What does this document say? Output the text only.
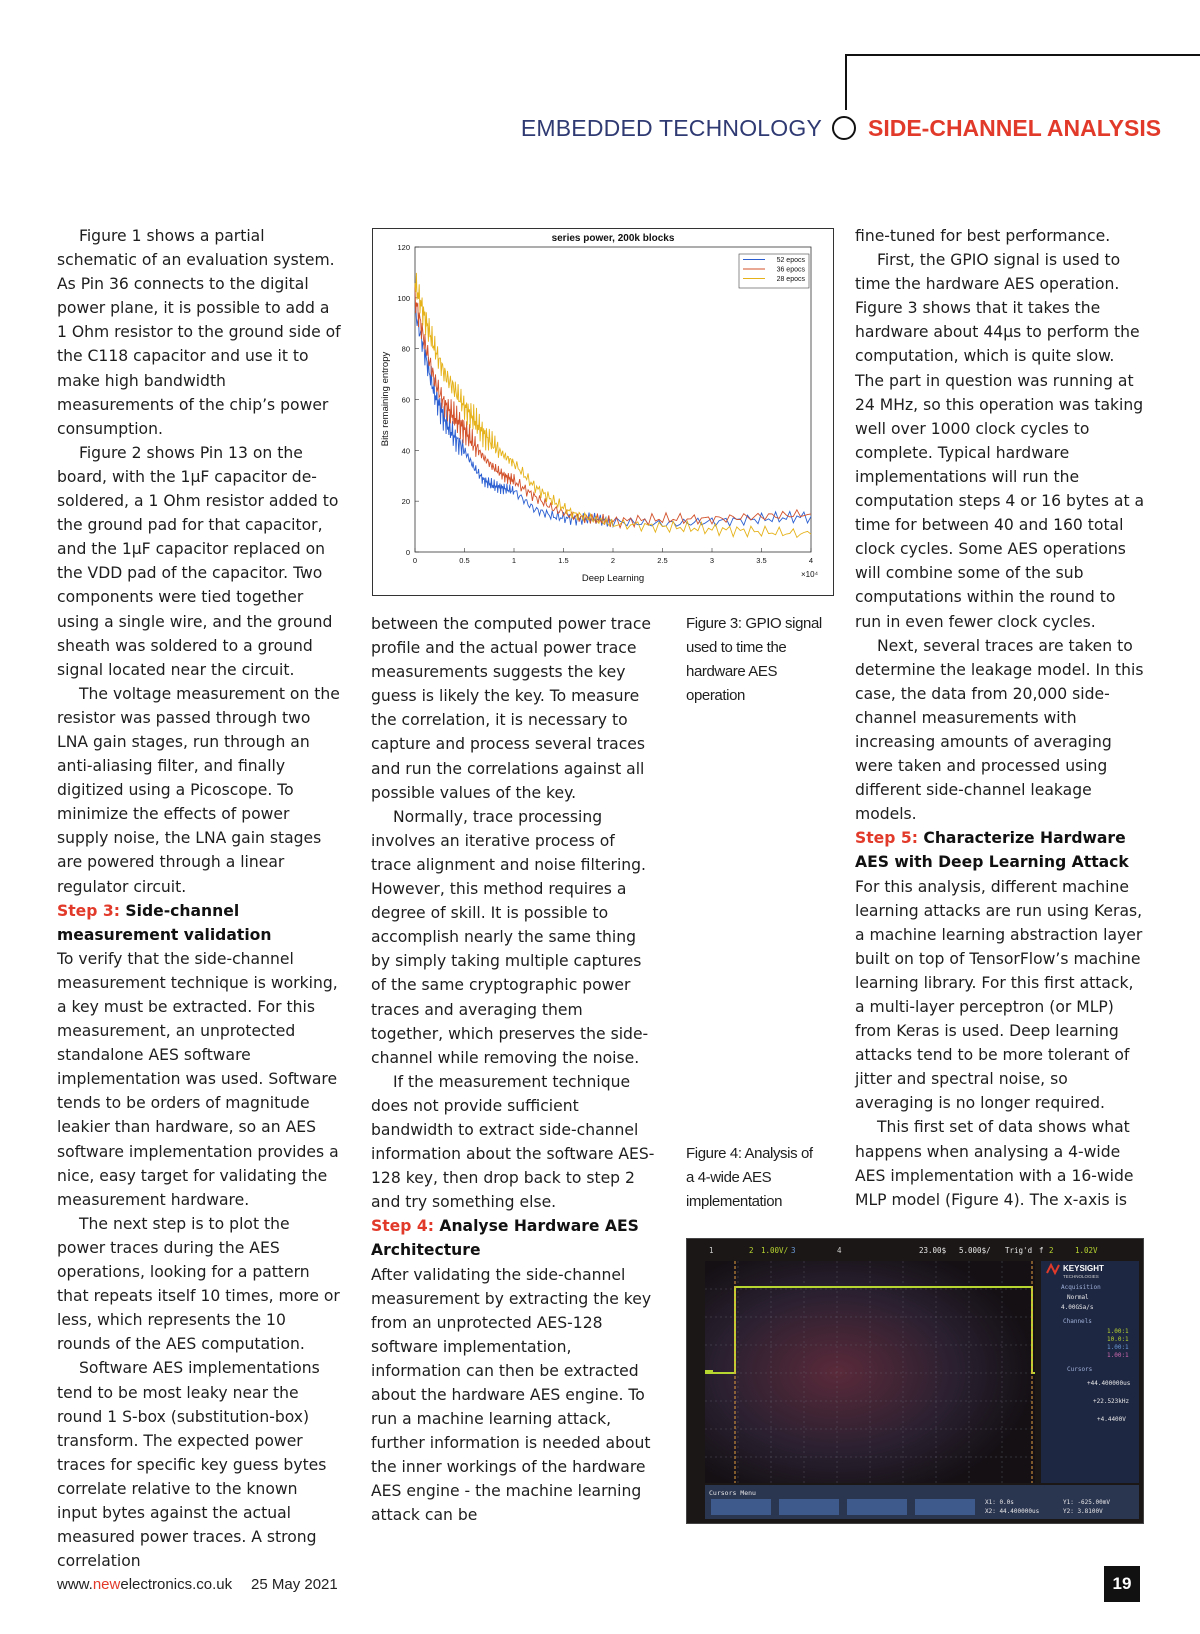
EMBEDDED TECHNOLOGY SIDE-CHANNEL ANALYSIS

Figure 1 shows a partial schematic of an evaluation system. As Pin 36 connects to the digital power plane, it is possible to add a 1 Ohm resistor to the ground side of the C118 capacitor and use it to make high bandwidth measurements of the chip’s power consumption.

Figure 2 shows Pin 13 on the board, with the 1µF capacitor de-soldered, a 1 Ohm resistor added to the ground pad for that capacitor, and the 1µF capacitor replaced on the VDD pad of the capacitor. Two components were tied together using a single wire, and the ground sheath was soldered to a ground signal located near the circuit.

The voltage measurement on the resistor was passed through two LNA gain stages, run through an anti-aliasing filter, and finally digitized using a Picoscope. To minimize the effects of power supply noise, the LNA gain stages are powered through a linear regulator circuit.

Step 3: Side-channel measurement validation

To verify that the side-channel measurement technique is working, a key must be extracted. For this measurement, an unprotected standalone AES software implementation was used. Software tends to be orders of magnitude leakier than hardware, so an AES software implementation provides a nice, easy target for validating the measurement hardware.

The next step is to plot the power traces during the AES operations, looking for a pattern that repeats itself 10 times, more or less, which represents the 10 rounds of the AES computation.

Software AES implementations tend to be most leaky near the round 1 S-box (substitution-box) transform. The expected power traces for specific key guess bytes correlate relative to the known input bytes against the actual measured power traces. A strong correlation

series power, 200k blocks
0	0.5	1	1.5	2	2.5	3	3.5	4
0
20
40
60
80
100
120
52 epocs
36 epocs
28 epocs
Deep Learning	×10⁴
Bits remaining entropy

between the computed power trace profile and the actual power trace measurements suggests the key guess is likely the key. To measure the correlation, it is necessary to capture and process several traces and run the correlations against all possible values of the key.

Normally, trace processing involves an iterative process of trace alignment and noise filtering. However, this method requires a degree of skill. It is possible to accomplish nearly the same thing by simply taking multiple captures of the same cryptographic power traces and averaging them together, which preserves the side-channel while removing the noise.

If the measurement technique does not provide sufficient bandwidth to extract side-channel information about the software AES-128 key, then drop back to step 2 and try something else.

Step 4: Analyse Hardware AES Architecture

After validating the side-channel measurement by extracting the key from an unprotected AES-128 software implementation, information can then be extracted about the hardware AES engine. To run a machine learning attack, further information is needed about the inner workings of the hardware AES engine - the machine learning attack can be

Figure 3: GPIO signal used to time the hardware AES operation
Figure 4: Analysis of a 4-wide AES implementation

fine-tuned for best performance.

First, the GPIO signal is used to time the hardware AES operation. Figure 3 shows that it takes the hardware about 44µs to perform the computation, which is quite slow. The part in question was running at 24 MHz, so this operation was taking well over 1000 clock cycles to complete. Typical hardware implementations will run the computation steps 4 or 16 bytes at a time for between 40 and 160 total clock cycles. Some AES operations will combine some of the sub computations within the round to run in even fewer clock cycles.

Next, several traces are taken to determine the leakage model. In this case, the data from 20,000 side-channel measurements with increasing amounts of averaging were taken and processed using different side-channel leakage models.

Step 5: Characterize Hardware AES with Deep Learning Attack

For this analysis, different machine learning attacks are run using Keras, a machine learning abstraction layer built on top of TensorFlow’s machine learning library. For this first attack, a multi-layer perceptron (or MLP) from Keras is used. Deep learning attacks tend to be more tolerant of jitter and spectral noise, so averaging is no longer required.

This first set of data shows what happens when analysing a 4-wide AES implementation with a 16-wide MLP model (Figure 4). The x-axis is

1	2 1.00V/ 3	4	23.00$ 5.000$/ Trig'd f 2	1.02V
KEYSIGHT
TECHNOLOGIES
Acquisition
Normal
4.00GSa/s
Channels
1.00:1
10.0:1
1.00:1
1.00:1
Cursors
+44.400000us
+22.523kHz
+4.4400V
Cursors Menu
X1: 0.0s
X2: 44.400000us
Y1: -625.00mV
Y2: 3.8100V
www.newelectronics.co.uk 25 May 2021	19
